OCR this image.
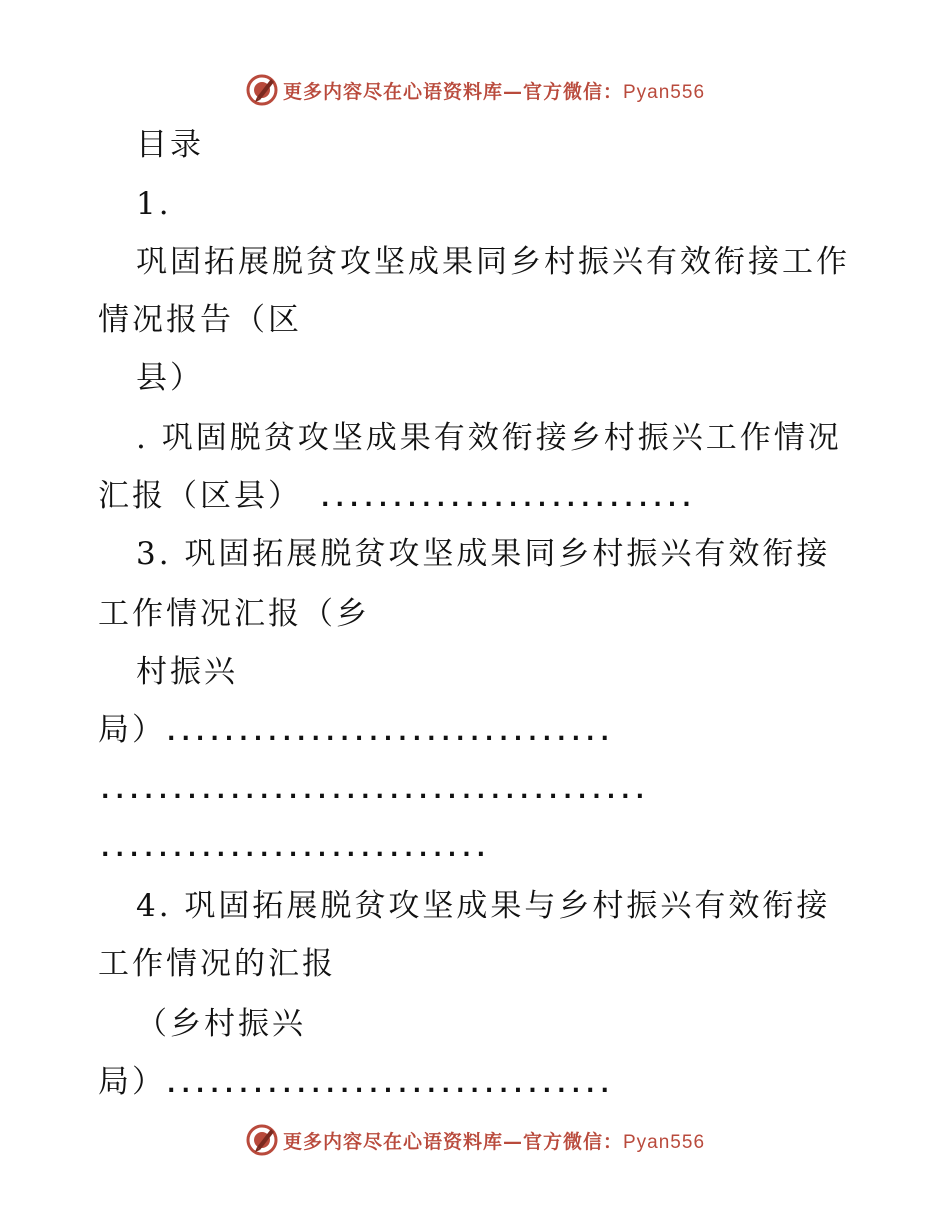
更多内容尽在心语资料库—官方微信：Pyan556
目录
1.
巩固拓展脱贫攻坚成果同乡村振兴有效衔接工作
情况报告（区
县）
. 巩固脱贫攻坚成果有效衔接乡村振兴工作情况
汇报（区县） ..........................
3. 巩固拓展脱贫攻坚成果同乡村振兴有效衔接
工作情况汇报（乡
村振兴
局）
...............................
......................................
...........................
4. 巩固拓展脱贫攻坚成果与乡村振兴有效衔接
工作情况的汇报
（乡村振兴
局）
...............................
更多内容尽在心语资料库—官方微信：Pyan556
